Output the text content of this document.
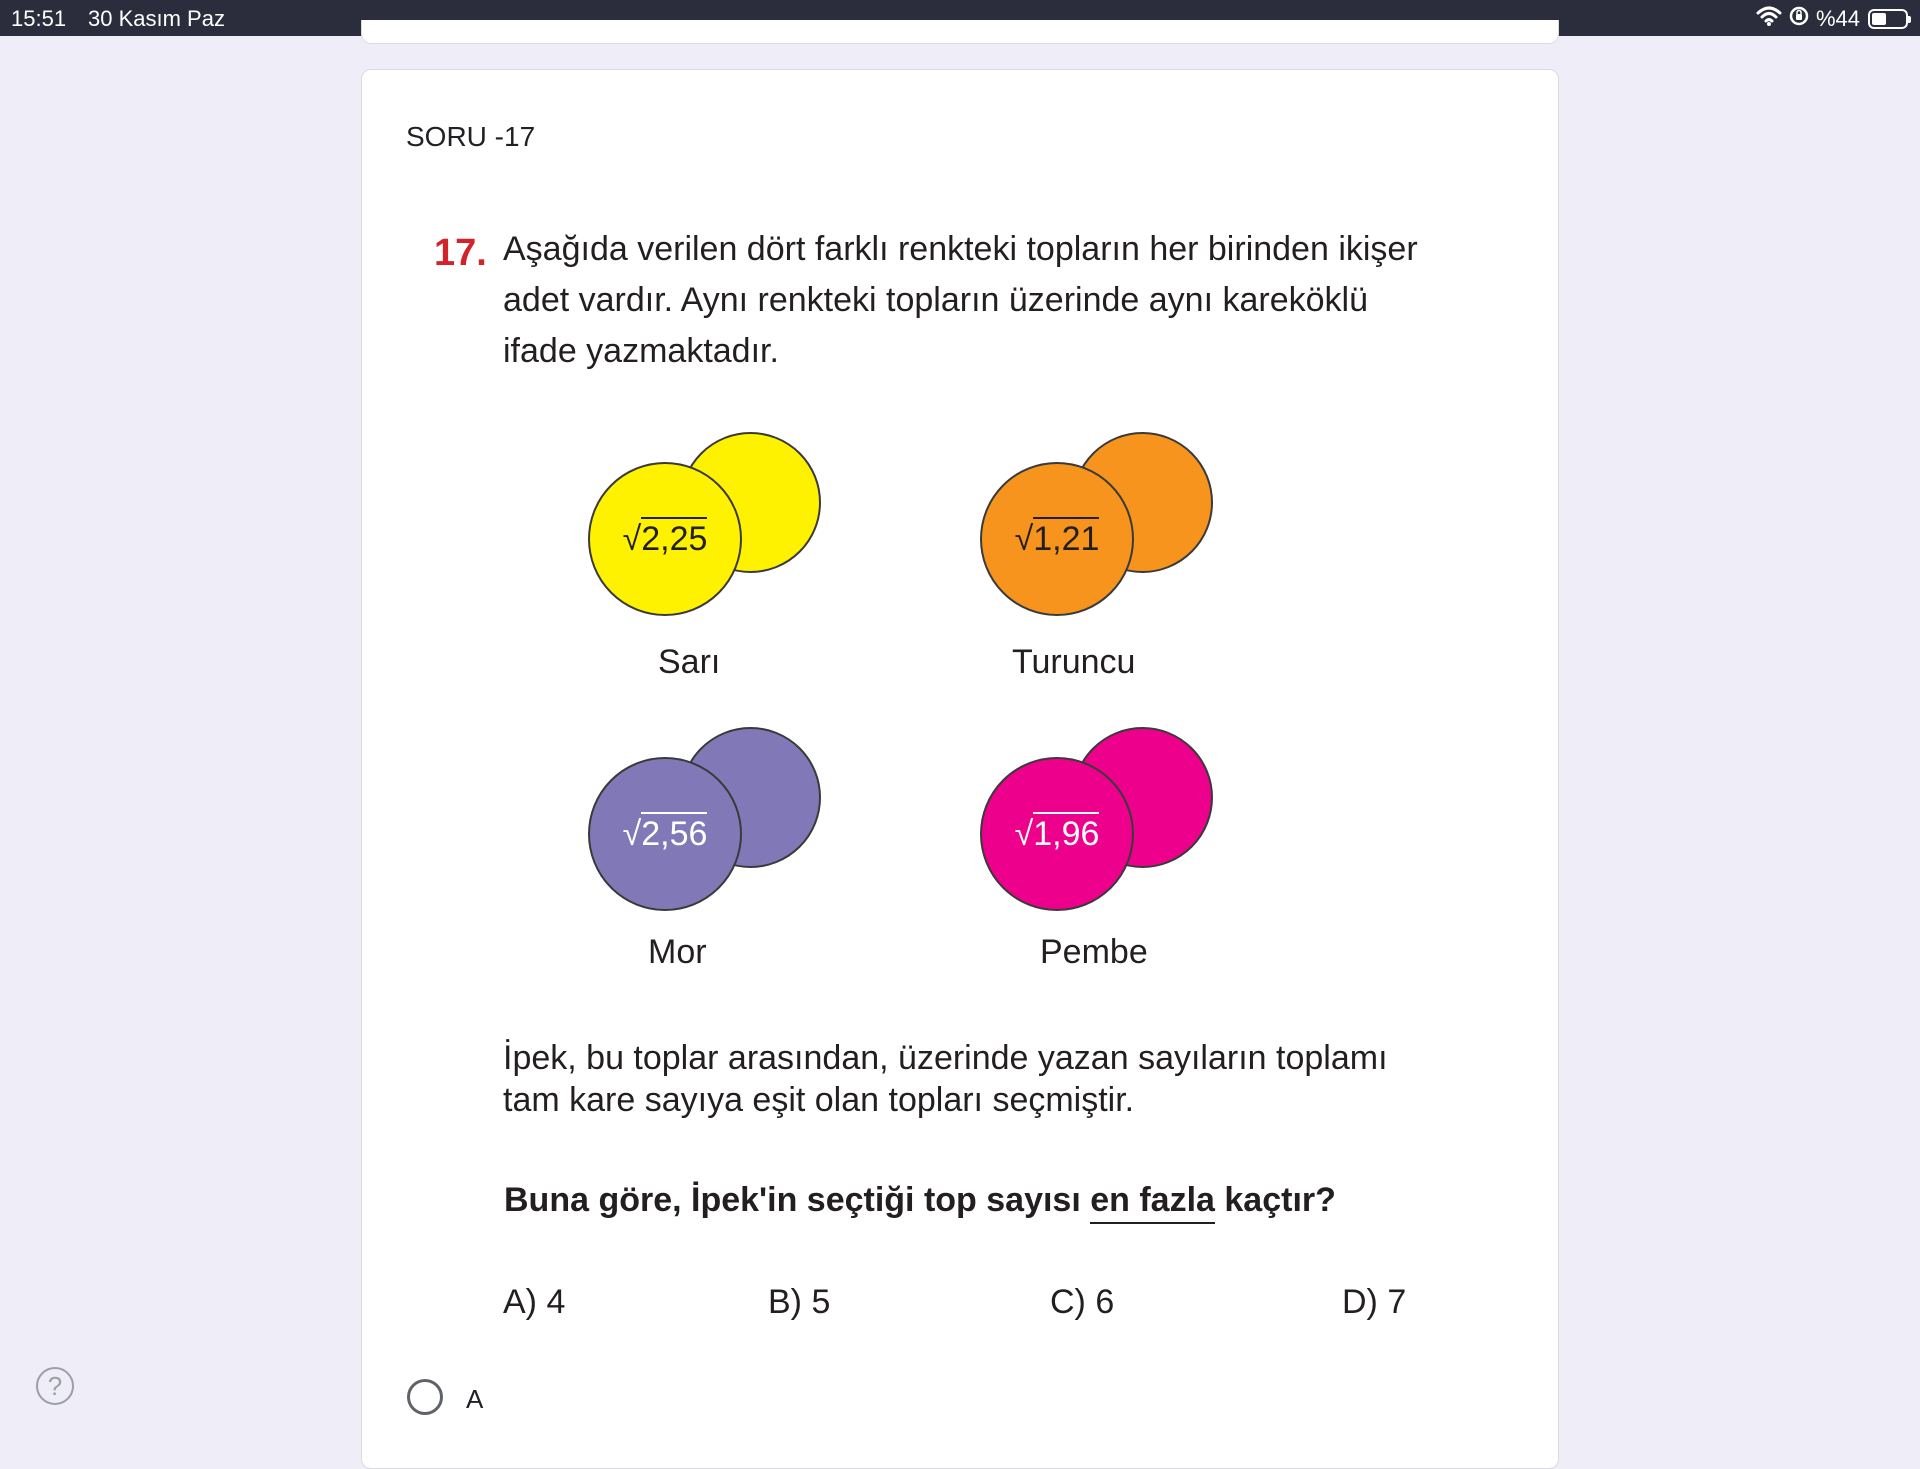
15:51 30 Kasım Paz	%44
SORU -17
17. Aşağıda verilen dört farklı renkteki topların her birinden ikişer adet vardır. Aynı renkteki topların üzerinde aynı kareköklü ifade yazmaktadır.
√2,25
Sarı
√1,21
Turuncu
√2,56
Mor
√1,96
Pembe
İpek, bu toplar arasından, üzerinde yazan sayıların toplamı tam kare sayıya eşit olan topları seçmiştir.
Buna göre, İpek'in seçtiği top sayısı en fazla kaçtır?
A) 4	B) 5	C) 6	D) 7
A
?
